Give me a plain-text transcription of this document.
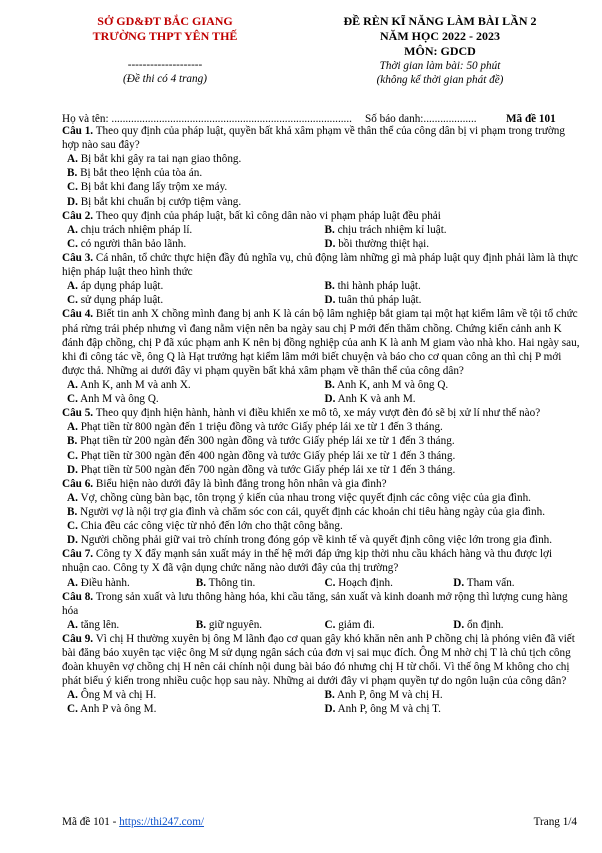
SỞ GD&ĐT BẮC GIANG
TRƯỜNG THPT YÊN THẾ
--------------------
(Đề thi có 4 trang)
ĐỀ RÈN KĨ NĂNG LÀM BÀI LẦN 2
NĂM HỌC 2022 - 2023
MÔN: GDCD
Thời gian làm bài: 50 phút
(không kể thời gian phát đề)
Họ và tên: ...................................................................................... Số báo danh:...................	Mã đề 101

Câu 1. Theo quy định của pháp luật, quyền bất khả xâm phạm về thân thể của công dân bị vi phạm trong trường hợp nào sau đây?

A. Bị bắt khi gây ra tai nạn giao thông.
B. Bị bắt theo lệnh của tòa án.
C. Bị bắt khi đang lấy trộm xe máy.
D. Bị bắt khi chuẩn bị cướp tiệm vàng.

Câu 2. Theo quy định của pháp luật, bất kì công dân nào vi phạm pháp luật đều phải

A. chịu trách nhiệm pháp lí.	B. chịu trách nhiệm kỉ luật.
C. có người thân bảo lãnh.	D. bồi thường thiệt hại.

Câu 3. Cá nhân, tổ chức thực hiện đầy đủ nghĩa vụ, chủ động làm những gì mà pháp luật quy định phải làm là thực hiện pháp luật theo hình thức

A. áp dụng pháp luật.	B. thi hành pháp luật.
C. sử dụng pháp luật.	D. tuân thủ pháp luật.

Câu 4. Biết tin anh X chồng mình đang bị anh K là cán bộ lâm nghiệp bắt giam tại một hạt kiểm lâm về tội tổ chức phá rừng trái phép nhưng vì đang nằm viện nên ba ngày sau chị P mới đến thăm chồng. Chứng kiến cảnh anh K đánh đập chồng, chị P đã xúc phạm anh K nên bị đồng nghiệp của anh K là anh M giam vào nhà kho. Hai ngày sau, khi đi công tác về, ông Q là Hạt trưởng hạt kiểm lâm mới biết chuyện và báo cho cơ quan công an thì chị P mới được thả. Những ai dưới đây vi phạm quyền bất khả xâm phạm về thân thể của công dân?

A. Anh K, anh M và anh X.	B. Anh K, anh M và ông Q.
C. Anh M và ông Q.	D. Anh K và anh M.

Câu 5. Theo quy định hiện hành, hành vi điều khiển xe mô tô, xe máy vượt đèn đỏ sẽ bị xử lí như thế nào?

A. Phạt tiền từ 800 ngàn đến 1 triệu đồng và tước Giấy phép lái xe từ 1 đến 3 tháng.
B. Phạt tiền từ 200 ngàn đến 300 ngàn đồng và tước Giấy phép lái xe từ 1 đến 3 tháng.
C. Phạt tiền từ 300 ngàn đến 400 ngàn đồng và tước Giấy phép lái xe từ 1 đến 3 tháng.
D. Phạt tiền từ 500 ngàn đến 700 ngàn đồng và tước Giấy phép lái xe từ 1 đến 3 tháng.

Câu 6. Biểu hiện nào dưới đây là bình đẳng trong hôn nhân và gia đình?

A. Vợ, chồng cùng bàn bạc, tôn trọng ý kiến của nhau trong việc quyết định các công việc của gia đình.
B. Người vợ là nội trợ gia đình và chăm sóc con cái, quyết định các khoản chi tiêu hàng ngày của gia đình.
C. Chia đều các công việc từ nhỏ đến lớn cho thật công bằng.
D. Người chồng phải giữ vai trò chính trong đóng góp về kinh tế và quyết định công việc lớn trong gia đình.

Câu 7. Công ty X đẩy mạnh sản xuất máy in thế hệ mới đáp ứng kịp thời nhu cầu khách hàng và thu được lợi nhuận cao. Công ty X đã vận dụng chức năng nào dưới đây của thị trường?

A. Điều hành.	B. Thông tin.	C. Hoạch định.	D. Tham vấn.

Câu 8. Trong sản xuất và lưu thông hàng hóa, khi cầu tăng, sản xuất và kinh doanh mở rộng thì lượng cung hàng hóa

A. tăng lên.	B. giữ nguyên.	C. giảm đi.	D. ổn định.

Câu 9. Vì chị H thường xuyên bị ông M lãnh đạo cơ quan gây khó khăn nên anh P chồng chị là phóng viên đã viết bài đăng báo xuyên tạc việc ông M sử dụng ngân sách của đơn vị sai mục đích. Ông M nhờ chị T là chủ tịch công đoàn khuyên vợ chồng chị H nên cải chính nội dung bài báo đó nhưng chị H từ chối. Vì thế ông M không cho chị phát biểu ý kiến trong nhiều cuộc họp sau này. Những ai dưới đây vi phạm quyền tự do ngôn luận của công dân?

A. Ông M và chị H.	B. Anh P, ông M và chị H.
C. Anh P và ông M.	D. Anh P, ông M và chị T.
Mã đề 101 - https://thi247.com/	Trang 1/4
